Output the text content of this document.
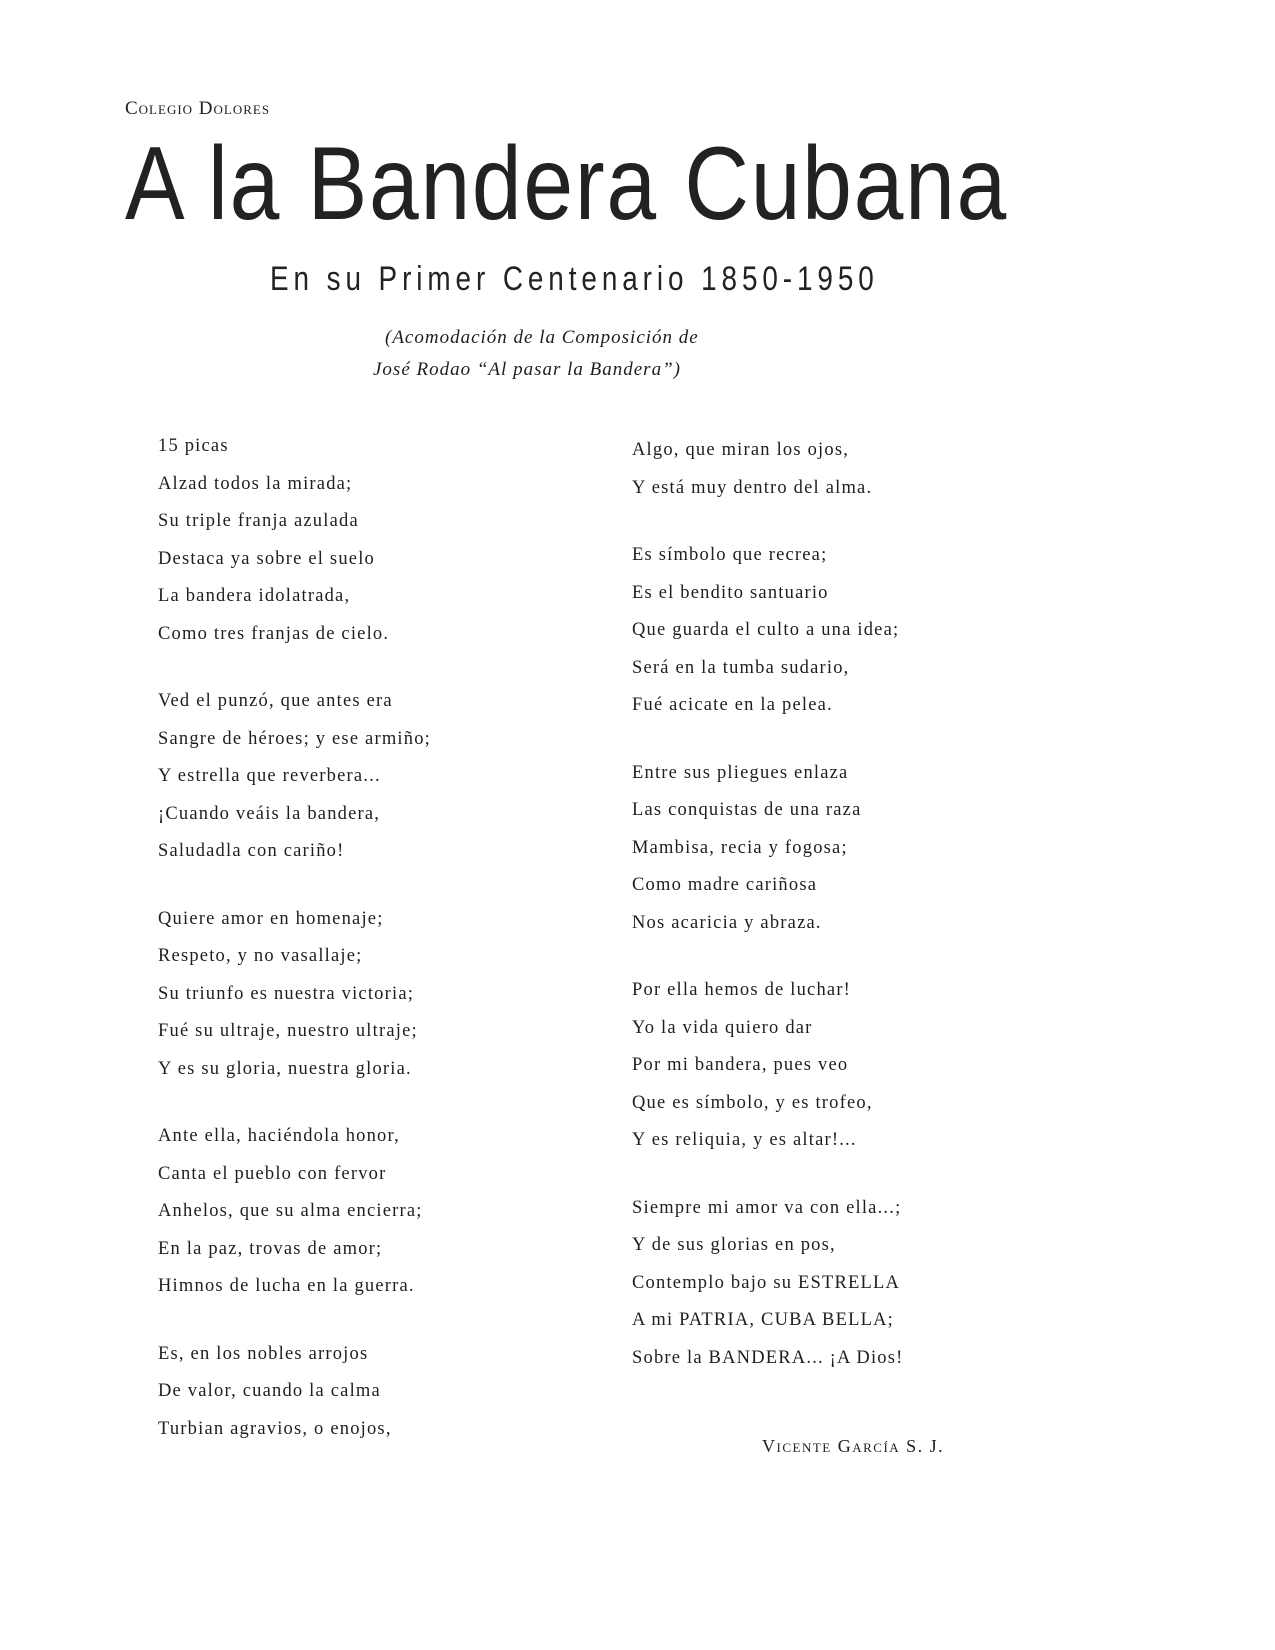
Colegio Dolores
A la Bandera Cubana
En su Primer Centenario 1850-1950
(Acomodación de la Composición de
José Rodao “Al pasar la Bandera”)
15 picas
Alzad todos la mirada;
Su triple franja azulada
Destaca ya sobre el suelo
La bandera idolatrada,
Como tres franjas de cielo.
Ved el punzó, que antes era
Sangre de héroes; y ese armiño;
Y estrella que reverbera...
¡Cuando veáis la bandera,
Saludadla con cariño!
Quiere amor en homenaje;
Respeto, y no vasallaje;
Su triunfo es nuestra victoria;
Fué su ultraje, nuestro ultraje;
Y es su gloria, nuestra gloria.
Ante ella, haciéndola honor,
Canta el pueblo con fervor
Anhelos, que su alma encierra;
En la paz, trovas de amor;
Himnos de lucha en la guerra.
Es, en los nobles arrojos
De valor, cuando la calma
Turbian agravios, o enojos,
Algo, que miran los ojos,
Y está muy dentro del alma.
Es símbolo que recrea;
Es el bendito santuario
Que guarda el culto a una idea;
Será en la tumba sudario,
Fué acicate en la pelea.
Entre sus pliegues enlaza
Las conquistas de una raza
Mambisa, recia y fogosa;
Como madre cariñosa
Nos acaricia y abraza.
Por ella hemos de luchar!
Yo la vida quiero dar
Por mi bandera, pues veo
Que es símbolo, y es trofeo,
Y es reliquia, y es altar!...
Siempre mi amor va con ella...;
Y de sus glorias en pos,
Contemplo bajo su ESTRELLA
A mi PATRIA, CUBA BELLA;
Sobre la BANDERA... ¡A Dios!
Vicente García S. J.
